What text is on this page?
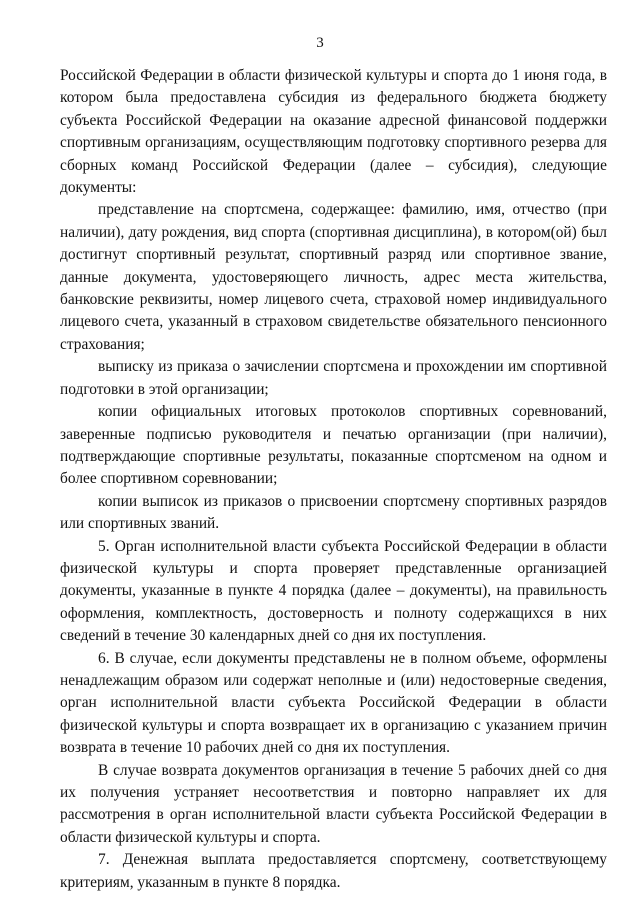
3

Российской Федерации в области физической культуры и спорта до 1 июня года, в котором была предоставлена субсидия из федерального бюджета бюджету субъекта Российской Федерации на оказание адресной финансовой поддержки спортивным организациям, осуществляющим подготовку спортивного резерва для сборных команд Российской Федерации (далее – субсидия), следующие документы:

представление на спортсмена, содержащее: фамилию, имя, отчество (при наличии), дату рождения, вид спорта (спортивная дисциплина), в котором(ой) был достигнут спортивный результат, спортивный разряд или спортивное звание, данные документа, удостоверяющего личность, адрес места жительства, банковские реквизиты, номер лицевого счета, страховой номер индивидуального лицевого счета, указанный в страховом свидетельстве обязательного пенсионного страхования;

выписку из приказа о зачислении спортсмена и прохождении им спортивной подготовки в этой организации;

копии официальных итоговых протоколов спортивных соревнований, заверенные подписью руководителя и печатью организации (при наличии), подтверждающие спортивные результаты, показанные спортсменом на одном и более спортивном соревновании;

копии выписок из приказов о присвоении спортсмену спортивных разрядов или спортивных званий.

5. Орган исполнительной власти субъекта Российской Федерации в области физической культуры и спорта проверяет представленные организацией документы, указанные в пункте 4 порядка (далее – документы), на правильность оформления, комплектность, достоверность и полноту содержащихся в них сведений в течение 30 календарных дней со дня их поступления.

6. В случае, если документы представлены не в полном объеме, оформлены ненадлежащим образом или содержат неполные и (или) недостоверные сведения, орган исполнительной власти субъекта Российской Федерации в области физической культуры и спорта возвращает их в организацию с указанием причин возврата в течение 10 рабочих дней со дня их поступления.

В случае возврата документов организация в течение 5 рабочих дней со дня их получения устраняет несоответствия и повторно направляет их для рассмотрения в орган исполнительной власти субъекта Российской Федерации в области физической культуры и спорта.

7. Денежная выплата предоставляется спортсмену, соответствующему критериям, указанным в пункте 8 порядка.
